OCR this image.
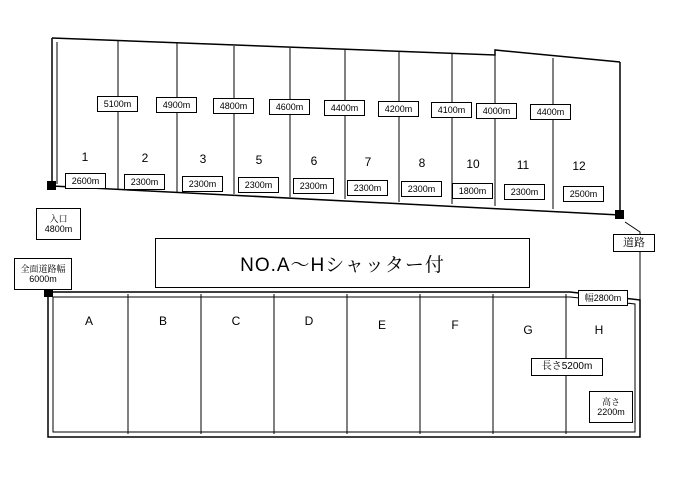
5100m	4900m	4800m	4600m	4400m	4200m	4100m	4000m	4400m
1	2	3	5	6	7	8	10	11	12
2600m	2300m	2300m	2300m	2300m	2300m	2300m	1800m	2300m	2500m
入口
4800m
全面道路幅
6000m
道路
NO.A〜Hシャッター付
A	B	C	D	E	F	G	H
幅2800m
長さ5200m
高さ
2200m
